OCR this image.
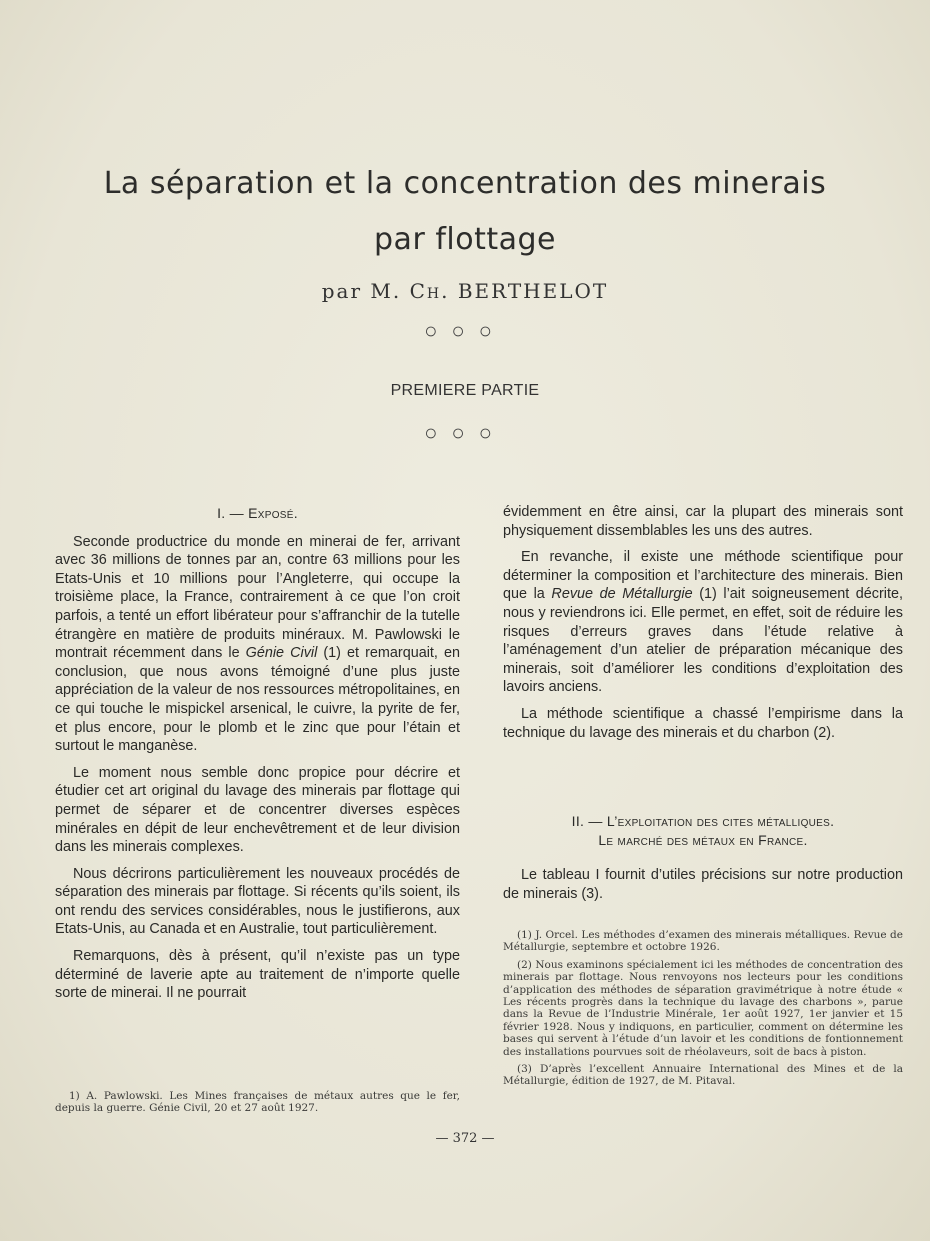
La séparation et la concentration des minerais
par flottage
par M. Ch. BERTHELOT
○○○
PREMIERE PARTIE
○○○
I. — Exposé.

Seconde productrice du monde en minerai de fer, arrivant avec 36 millions de tonnes par an, contre 63 millions pour les Etats-Unis et 10 millions pour l’Angleterre, qui occupe la troisième place, la France, contrairement à ce que l’on croit parfois, a tenté un effort libérateur pour s’affranchir de la tutelle étrangère en matière de produits minéraux. M. Pawlowski le montrait récemment dans le Génie Civil (1) et remarquait, en conclusion, que nous avons témoigné d’une plus juste appréciation de la valeur de nos ressources métropolitaines, en ce qui touche le mispickel arsenical, le cuivre, la pyrite de fer, et plus encore, pour le plomb et le zinc que pour l’étain et surtout le manganèse.

Le moment nous semble donc propice pour décrire et étudier cet art original du lavage des minerais par flottage qui permet de séparer et de concentrer diverses espèces minérales en dépit de leur enchevêtrement et de leur division dans les minerais complexes.

Nous décrirons particulièrement les nouveaux procédés de séparation des minerais par flottage. Si récents qu’ils soient, ils ont rendu des services considérables, nous le justifierons, aux Etats-Unis, au Canada et en Australie, tout particulièrement.

Remarquons, dès à présent, qu’il n’existe pas un type déterminé de laverie apte au traitement de n’importe quelle sorte de minerai. Il ne pourrait

1) A. Pawlowski. Les Mines françaises de métaux autres que le fer, depuis la guerre. Génie Civil, 20 et 27 août 1927.

évidemment en être ainsi, car la plupart des minerais sont physiquement dissemblables les uns des autres.

En revanche, il existe une méthode scientifique pour déterminer la composition et l’architecture des minerais. Bien que la Revue de Métallurgie (1) l’ait soigneusement décrite, nous y reviendrons ici. Elle permet, en effet, soit de réduire les risques d’erreurs graves dans l’étude relative à l’aménagement d’un atelier de préparation mécanique des minerais, soit d’améliorer les conditions d’exploitation des lavoirs anciens.

La méthode scientifique a chassé l’empirisme dans la technique du lavage des minerais et du charbon (2).

II. — L’exploitation des cites métalliques.
Le marché des métaux en France.

Le tableau I fournit d’utiles précisions sur notre production de minerais (3).

(1) J. Orcel. Les méthodes d’examen des minerais métalliques. Revue de Métallurgie, septembre et octobre 1926.

(2) Nous examinons spécialement ici les méthodes de concentration des minerais par flottage. Nous renvoyons nos lecteurs pour les conditions d’application des méthodes de séparation gravimétrique à notre étude « Les récents progrès dans la technique du lavage des charbons », parue dans la Revue de l’Industrie Minérale, 1er août 1927, 1er janvier et 15 février 1928. Nous y indiquons, en particulier, comment on détermine les bases qui servent à l’étude d’un lavoir et les conditions de fontionnement des installations pourvues soit de rhéolaveurs, soit de bacs à piston.

(3) D’après l’excellent Annuaire International des Mines et de la Métallurgie, édition de 1927, de M. Pitaval.

— 372 —
